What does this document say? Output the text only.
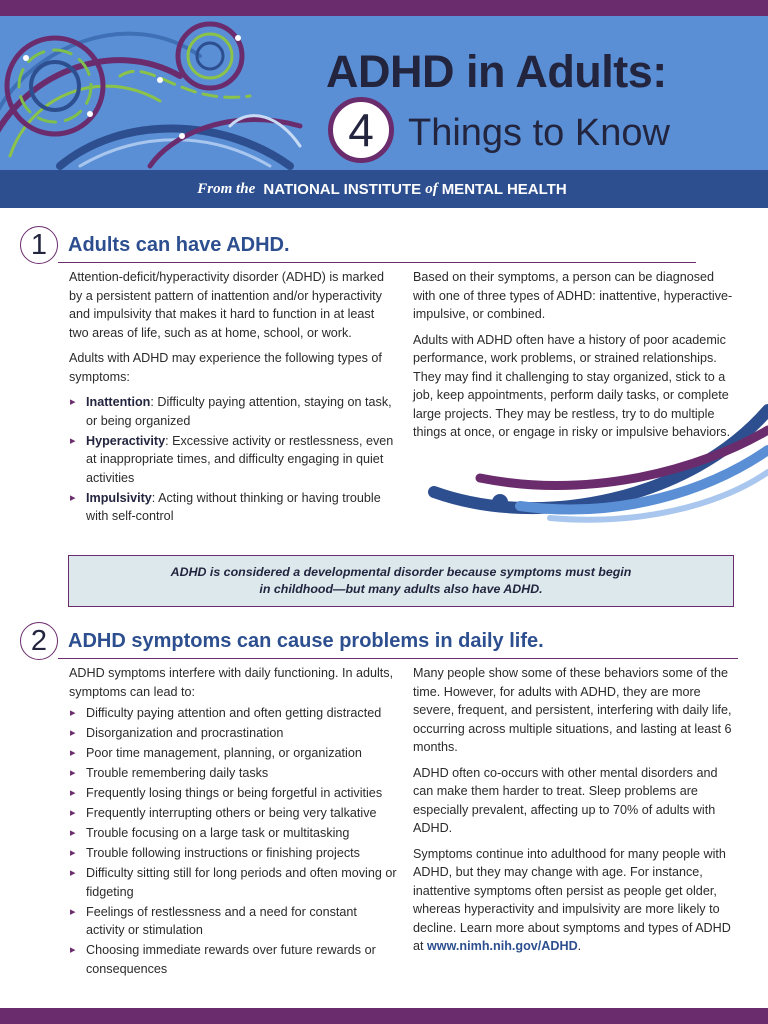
ADHD in Adults:
4 Things to Know
From the
NATIONAL INSTITUTE of MENTAL HEALTH
1	Adults can have ADHD.

Attention-deficit/hyperactivity disorder (ADHD) is marked by a persistent pattern of inattention and/or hyperactivity and impulsivity that makes it hard to function in at least two areas of life, such as at home, school, or work.

Adults with ADHD may experience the following types of symptoms:

▸ Inattention: Difficulty paying attention, staying on task, or being organized
▸ Hyperactivity: Excessive activity or restlessness, even at inappropriate times, and difficulty engaging in quiet activities
▸ Impulsivity: Acting without thinking or having trouble with self-control

Based on their symptoms, a person can be diagnosed with one of three types of ADHD: inattentive, hyperactive-impulsive, or combined.

Adults with ADHD often have a history of poor academic performance, work problems, or strained relationships. They may find it challenging to stay organized, stick to a job, keep appointments, perform daily tasks, or complete large projects. They may be restless, try to do multiple things at once, or engage in risky or impulsive behaviors.

ADHD is considered a developmental disorder because symptoms must begin
in childhood—but many adults also have ADHD.
2	ADHD symptoms can cause problems in daily life.

ADHD symptoms interfere with daily functioning. In adults, symptoms can lead to:

▸ Difficulty paying attention and often getting distracted
▸ Disorganization and procrastination
▸ Poor time management, planning, or organization
▸ Trouble remembering daily tasks
▸ Frequently losing things or being forgetful in activities
▸ Frequently interrupting others or being very talkative
▸ Trouble focusing on a large task or multitasking
▸ Trouble following instructions or finishing projects
▸ Difficulty sitting still for long periods and often moving or fidgeting
▸ Feelings of restlessness and a need for constant activity or stimulation
▸ Choosing immediate rewards over future rewards or consequences

Many people show some of these behaviors some of the time. However, for adults with ADHD, they are more severe, frequent, and persistent, interfering with daily life, occurring across multiple situations, and lasting at least 6 months.

ADHD often co-occurs with other mental disorders and can make them harder to treat. Sleep problems are especially prevalent, affecting up to 70% of adults with ADHD.

Symptoms continue into adulthood for many people with ADHD, but they may change with age. For instance, inattentive symptoms often persist as people get older, whereas hyperactivity and impulsivity are more likely to decline. Learn more about symptoms and types of ADHD at www.nimh.nih.gov/ADHD.
